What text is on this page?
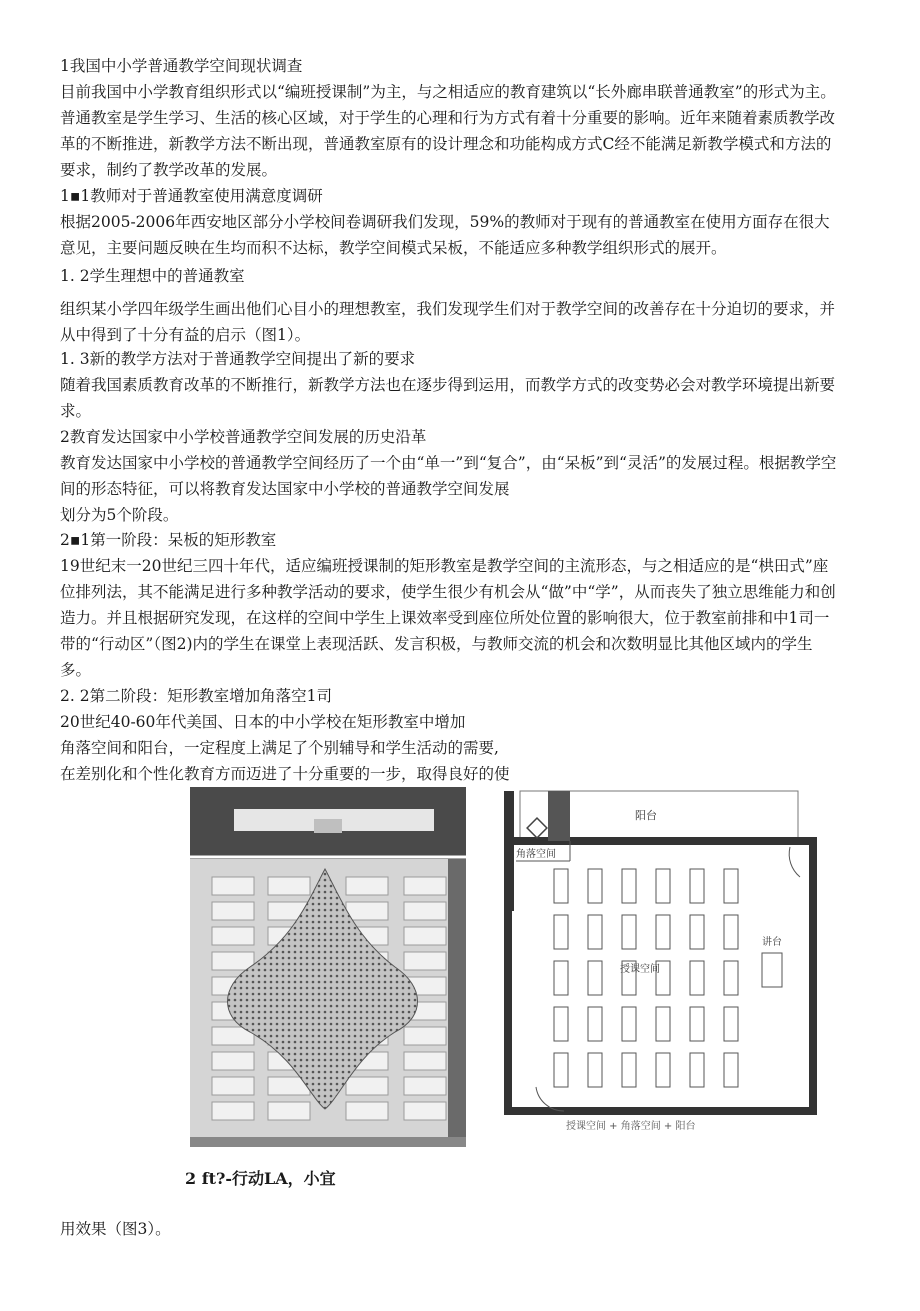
1我国中小学普通教学空间现状调查

目前我国中小学教育组织形式以“编班授课制”为主，与之相适应的教育建筑以“长外廊串联普通教室”的形式为主。普通教室是学生学习、生活的核心区域，对于学生的心理和行为方式有着十分重要的影响。近年来随着素质教学改革的不断推进，新教学方法不断出现，普通教室原有的设计理念和功能构成方式C经不能满足新教学模式和方法的要求，制约了教学改革的发展。

1▪1教师对于普通教室使用满意度调研

根据2005-2006年西安地区部分小学校间卷调研我们发现，59%的教师对于现有的普通教室在使用方面存在很大意见，主要问题反映在生均而积不达标，教学空间模式呆板，不能适应多种教学组织形式的展开。

1. 2学生理想中的普通教室

组织某小学四年级学生画出他们心目小的理想教室，我们发现学生们对于教学空间的改善存在十分迫切的要求，并从中得到了十分有益的启示（图1）。

1. 3新的教学方法对于普通教学空间提出了新的要求

随着我国素质教育改革的不断推行，新教学方法也在逐步得到运用，而教学方式的改变势必会对教学环境提出新要求。

2教育发达国家中小学校普通教学空间发展的历史沿革

教育发达国家中小学校的普通教学空间经历了一个由“单一”到“复合”，由“呆板”到“灵活”的发展过程。根据教学空间的形态特征，可以将教育发达国家中小学校的普通教学空间发展

划分为5个阶段。

2▪1第一阶段：呆板的矩形教室

19世纪末一20世纪三四十年代，适应编班授课制的矩形教室是教学空间的主流形态，与之相适应的是“栱田式”座位排列法，其不能满足进行多种教学活动的要求，使学生很少有机会从“做”中“学”，从而丧失了独立思维能力和创造力。并且根据研究发现，在这样的空间中学生上课效率受到座位所处位置的影响很大，位于教室前排和中1司一带的“行动区”（图2)内的学生在课堂上表现活跃、发言积极，与教师交流的机会和次数明显比其他区域内的学生多。

2. 2第二阶段：矩形教室增加角落空1司

20世纪40-60年代美国、日本的中小学校在矩形教室中增加

角落空间和阳台，一定程度上满足了个别辅导和学生活动的需要,

在差别化和个性化教育方而迈进了十分重要的一步，取得良好的使

阳台
角落空间
授课空间
讲台
授课空间 + 角落空间 + 阳台
2 ft?-行动LA，小宜

用效果（图3）。
